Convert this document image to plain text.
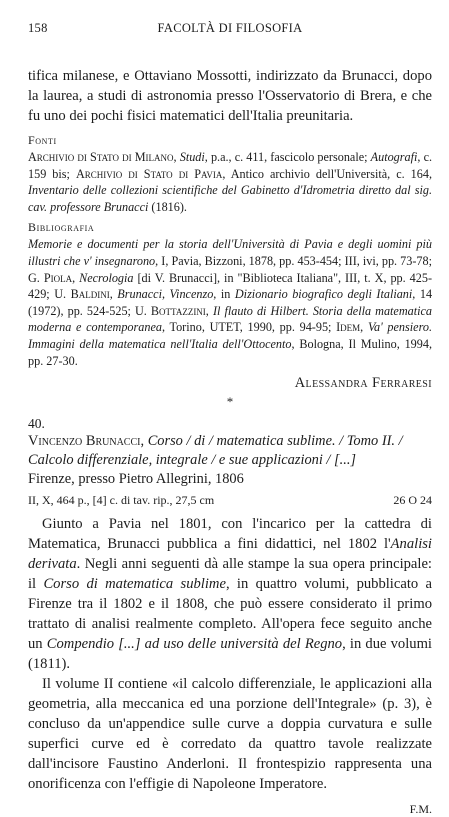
158	FACOLTÀ DI FILOSOFIA

tifica milanese, e Ottaviano Mossotti, indirizzato da Brunacci, dopo la laurea, a studi di astronomia presso l'Osservatorio di Brera, e che fu uno dei pochi fisici matematici dell'Italia preunitaria.

Fonti

Archivio di Stato di Milano, Studi, p.a., c. 411, fascicolo personale; Autografi, c. 159 bis; Archivio di Stato di Pavia, Antico archivio dell'Università, c. 164, Inventario delle collezioni scientifiche del Gabinetto d'Idrometria diretto dal sig. cav. professore Brunacci (1816).

Bibliografia

Memorie e documenti per la storia dell'Università di Pavia e degli uomini più illustri che v' insegnarono, I, Pavia, Bizzoni, 1878, pp. 453-454; III, ivi, pp. 73-78; G. Piola, Necrologia [di V. Brunacci], in "Biblioteca Italiana", III, t. X, pp. 425-429; U. Baldini, Brunacci, Vincenzo, in Dizionario biografico degli Italiani, 14 (1972), pp. 524-525; U. Bottazzini, Il flauto di Hilbert. Storia della matematica moderna e contemporanea, Torino, UTET, 1990, pp. 94-95; Idem, Va' pensiero. Immagini della matematica nell'Italia dell'Ottocento, Bologna, Il Mulino, 1994, pp. 27-30.

Alessandra Ferraresi
*
40.

Vincenzo Brunacci, Corso / di / matematica sublime. / Tomo II. / Calcolo differenziale, integrale / e sue applicazioni / [...]

Firenze, presso Pietro Allegrini, 1806

II, X, 464 p., [4] c. di tav. rip., 27,5 cm	26 O 24

Giunto a Pavia nel 1801, con l'incarico per la cattedra di Matematica, Brunacci pubblica a fini didattici, nel 1802 l'Analisi derivata. Negli anni seguenti dà alle stampe la sua opera principale: il Corso di matematica sublime, in quattro volumi, pubblicato a Firenze tra il 1802 e il 1808, che può essere considerato il primo trattato di analisi realmente completo. All'opera fece seguito anche un Compendio [...] ad uso delle università del Regno, in due volumi (1811).

Il volume II contiene «il calcolo differenziale, le applicazioni alla geometria, alla meccanica ed una porzione dell'Integrale» (p. 3), è concluso da un'appendice sulle curve a doppia curvatura e sulle superfici curve ed è corredato da quattro tavole realizzate dall'incisore Faustino Anderloni. Il frontespizio rappresenta una onorificenza con l'effigie di Napoleone Imperatore.

F.M.
